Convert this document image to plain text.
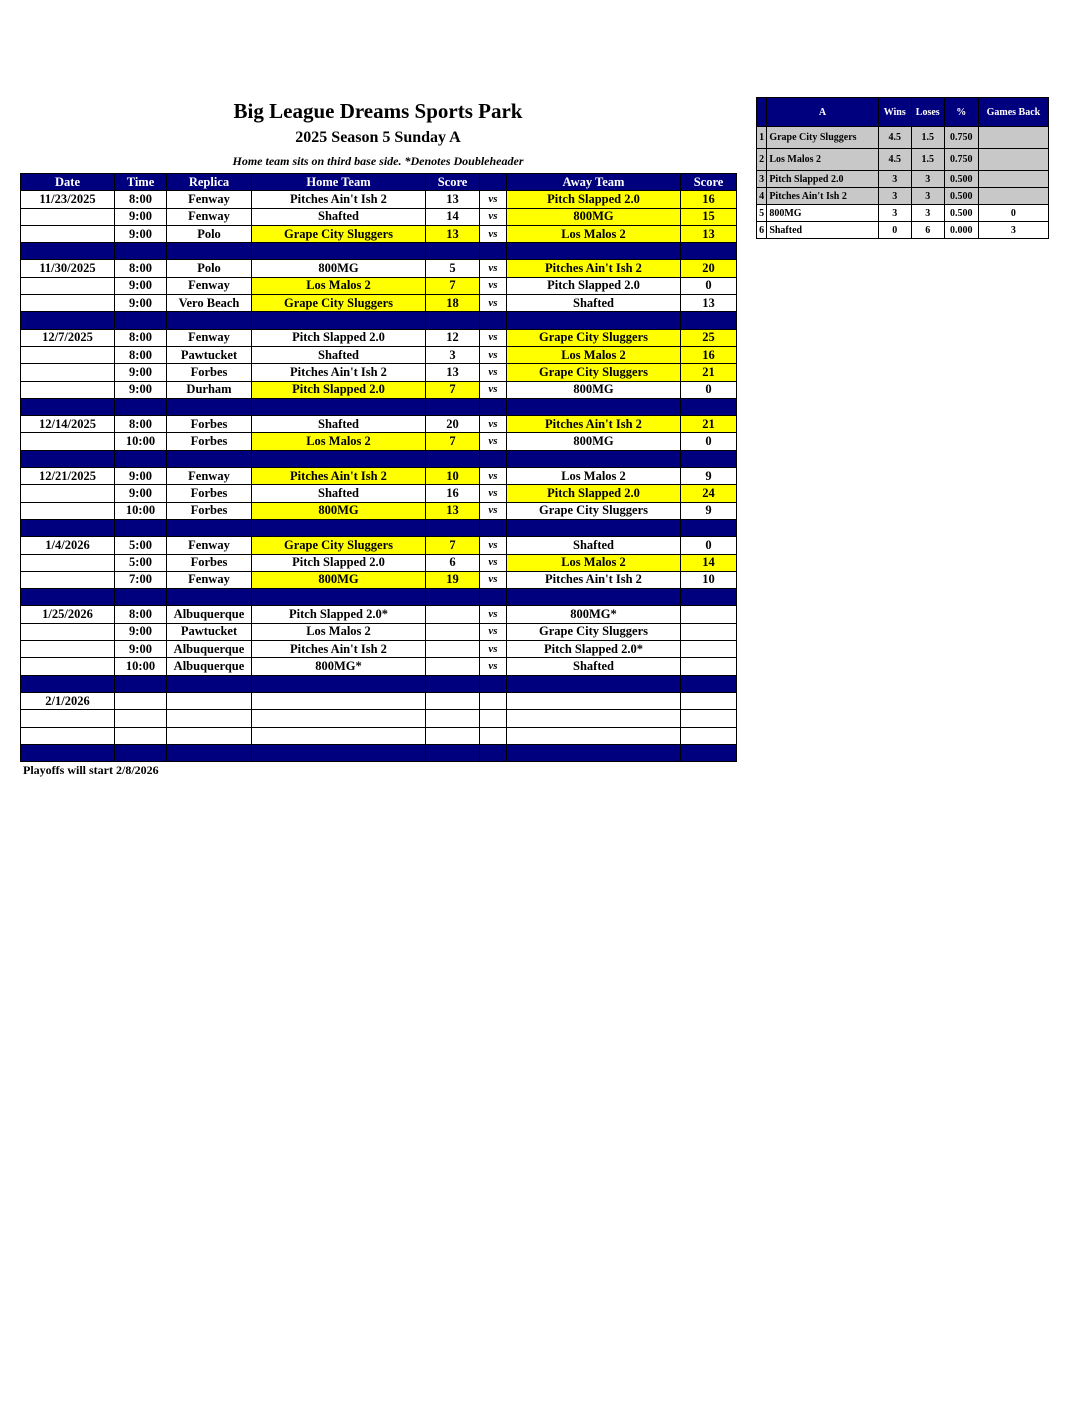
Big League Dreams Sports Park
2025 Season 5 Sunday A
Home team sits on third base side. *Denotes Doubleheader
Date	Time	Replica	Home Team	Score		Away Team	Score
11/23/2025	8:00	Fenway	Pitches Ain't Ish 2	13	vs	Pitch Slapped 2.0	16
	9:00	Fenway	Shafted	14	vs	800MG	15
	9:00	Polo	Grape City Sluggers	13	vs	Los Malos 2	13

11/30/2025	8:00	Polo	800MG	5	vs	Pitches Ain't Ish 2	20
	9:00	Fenway	Los Malos 2	7	vs	Pitch Slapped 2.0	0
	9:00	Vero Beach	Grape City Sluggers	18	vs	Shafted	13

12/7/2025	8:00	Fenway	Pitch Slapped 2.0	12	vs	Grape City Sluggers	25
	8:00	Pawtucket	Shafted	3	vs	Los Malos 2	16
	9:00	Forbes	Pitches Ain't Ish 2	13	vs	Grape City Sluggers	21
	9:00	Durham	Pitch Slapped 2.0	7	vs	800MG	0

12/14/2025	8:00	Forbes	Shafted	20	vs	Pitches Ain't Ish 2	21
	10:00	Forbes	Los Malos 2	7	vs	800MG	0

12/21/2025	9:00	Fenway	Pitches Ain't Ish 2	10	vs	Los Malos 2	9
	9:00	Forbes	Shafted	16	vs	Pitch Slapped 2.0	24
	10:00	Forbes	800MG	13	vs	Grape City Sluggers	9

1/4/2026	5:00	Fenway	Grape City Sluggers	7	vs	Shafted	0
	5:00	Forbes	Pitch Slapped 2.0	6	vs	Los Malos 2	14
	7:00	Fenway	800MG	19	vs	Pitches Ain't Ish 2	10

1/25/2026	8:00	Albuquerque	Pitch Slapped 2.0*		vs	800MG*	
	9:00	Pawtucket	Los Malos 2		vs	Grape City Sluggers	
	9:00	Albuquerque	Pitches Ain't Ish 2		vs	Pitch Slapped 2.0*	
	10:00	Albuquerque	800MG*		vs	Shafted	

2/1/2026							

	A	Wins	Loses	%	Games Back
1	Grape City Sluggers	4.5	1.5	0.750	
2	Los Malos 2	4.5	1.5	0.750	
3	Pitch Slapped 2.0	3	3	0.500	
4	Pitches Ain't Ish 2	3	3	0.500	
5	800MG	3	3	0.500	0
6	Shafted	0	6	0.000	3
Playoffs will start 2/8/2026
